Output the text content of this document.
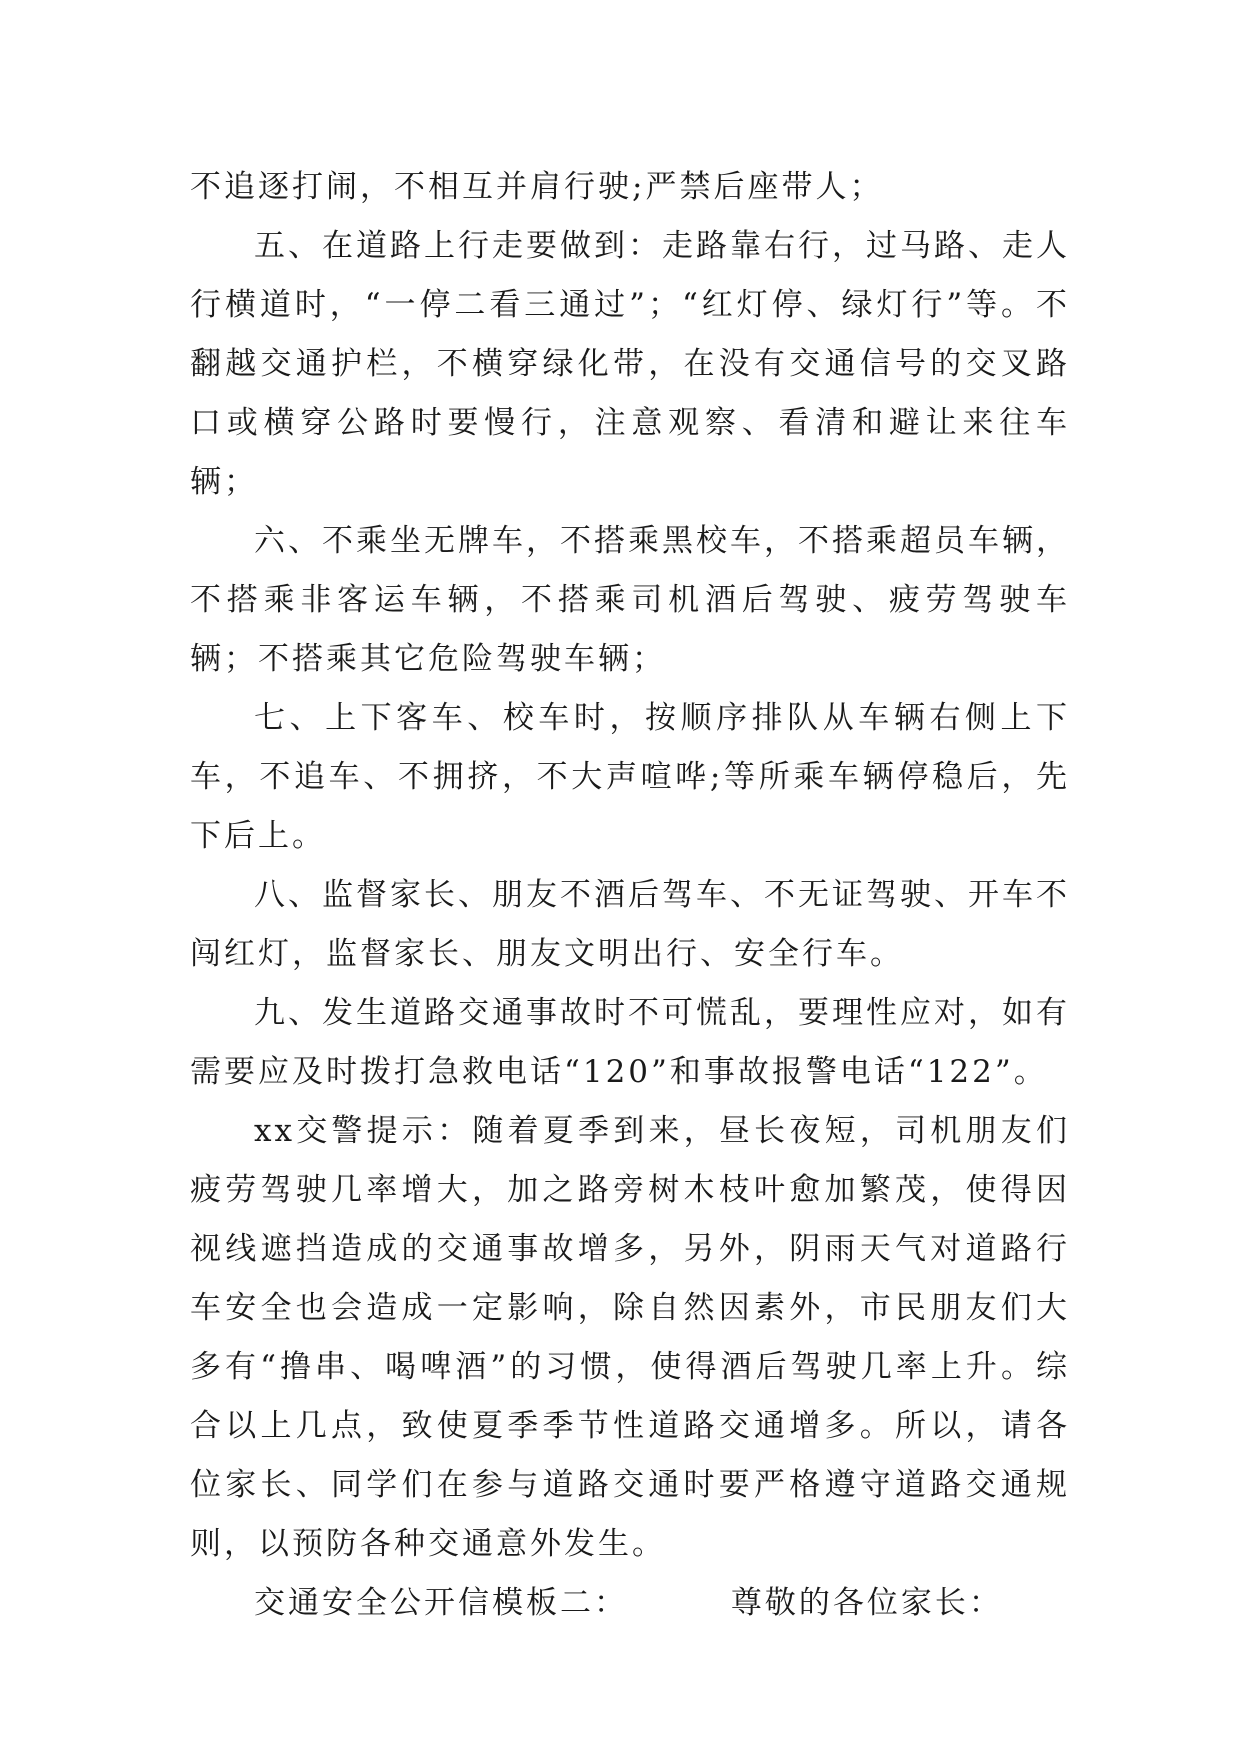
不追逐打闹，不相互并肩行驶;严禁后座带人；

五、在道路上行走要做到：走路靠右行，过马路、走人行横道时，“一停二看三通过”；“红灯停、绿灯行”等。不翻越交通护栏，不横穿绿化带，在没有交通信号的交叉路口或横穿公路时要慢行，注意观察、看清和避让来往车辆；

六、不乘坐无牌车，不搭乘黑校车，不搭乘超员车辆，不搭乘非客运车辆，不搭乘司机酒后驾驶、疲劳驾驶车辆；不搭乘其它危险驾驶车辆；

七、上下客车、校车时，按顺序排队从车辆右侧上下车，不追车、不拥挤，不大声喧哗;等所乘车辆停稳后，先下后上。

八、监督家长、朋友不酒后驾车、不无证驾驶、开车不闯红灯，监督家长、朋友文明出行、安全行车。

九、发生道路交通事故时不可慌乱，要理性应对，如有需要应及时拨打急救电话“120”和事故报警电话“122”。

xx交警提示：随着夏季到来，昼长夜短，司机朋友们疲劳驾驶几率增大，加之路旁树木枝叶愈加繁茂，使得因视线遮挡造成的交通事故增多，另外，阴雨天气对道路行车安全也会造成一定影响，除自然因素外，市民朋友们大多有“撸串、喝啤酒”的习惯，使得酒后驾驶几率上升。综合以上几点，致使夏季季节性道路交通增多。所以，请各位家长、同学们在参与道路交通时要严格遵守道路交通规则，以预防各种交通意外发生。

交通安全公开信模板二：	尊敬的各位家长：
